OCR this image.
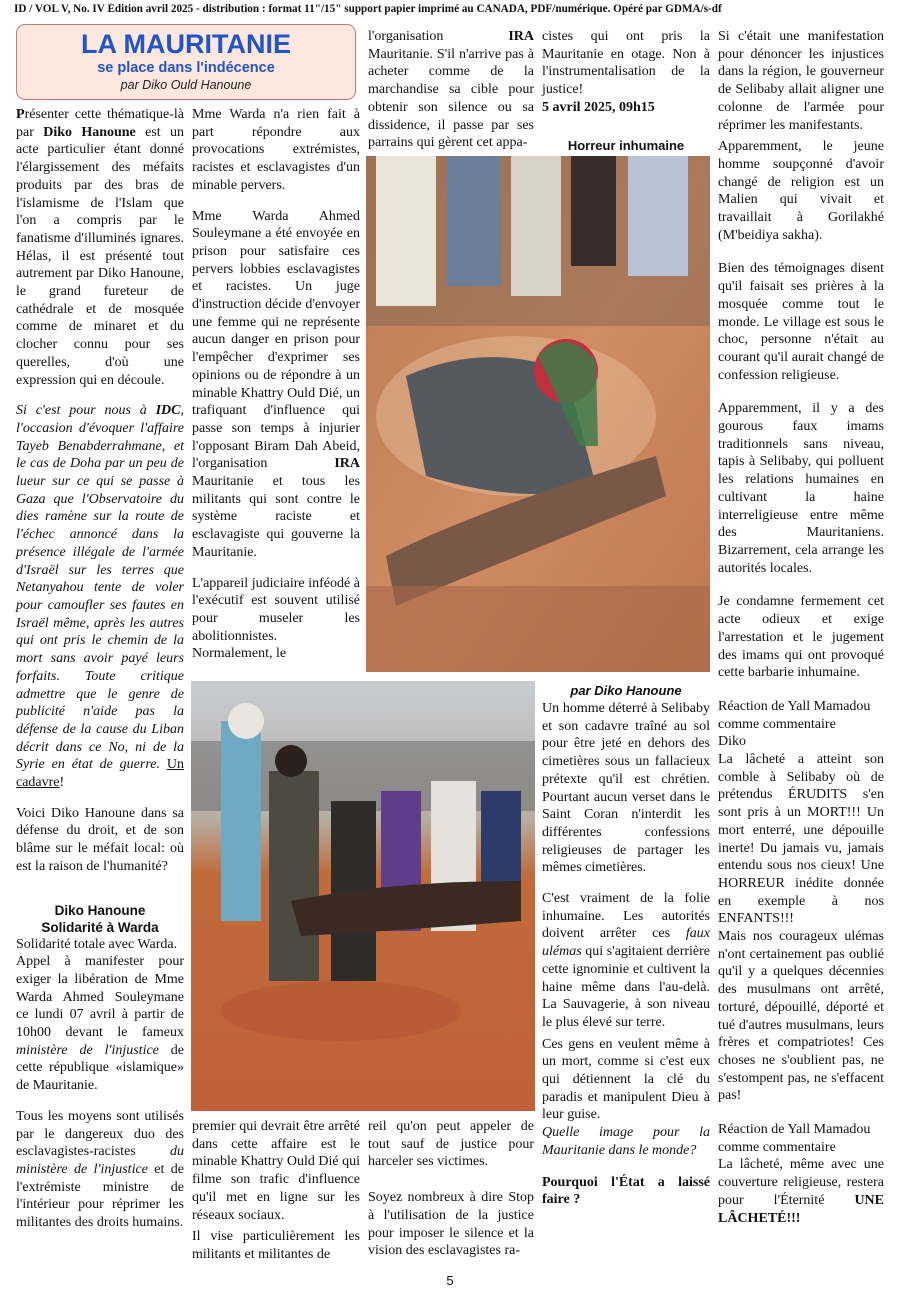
ID / VOL V, No. IV Édition avril 2025 - distribution : format 11"/15" support papier imprimé au CANADA, PDF/numérique. Opéré par GDMA/s-df
LA MAURITANIE
se place dans l'indécence
par Diko Ould Hanoune

Présenter cette thématique-là par Diko Hanoune est un acte particulier étant donné l'élargissement des méfaits produits par des bras de l'islamisme de l'Islam que l'on a compris par le fanatisme d'illuminés ignares. Hélas, il est présenté tout autrement par Diko Hanoune, le grand fureteur de cathédrale et de mosquée comme de minaret et du clocher connu pour ses querelles, d'où une expression qui en découle.

Si c'est pour nous à IDC, l'occasion d'évoquer l'affaire Tayeb Benabderrahmane, et le cas de Doha par un peu de lueur sur ce qui se passe à Gaza que l'Observatoire du dies ramène sur la route de l'échec annoncé dans la présence illégale de l'armée d'Israël sur les terres que Netanyahou tente de voler pour camoufler ses fautes en Israël même, après les autres qui ont pris le chemin de la mort sans avoir payé leurs forfaits. Toute critique admettre que le genre de publicité n'aide pas la défense de la cause du Liban décrit dans ce No, ni de la Syrie en état de guerre. Un cadavre!

Voici Diko Hanoune dans sa défense du droit, et de son blâme sur le méfait local: où est la raison de l'humanité?

Diko Hanoune
Solidarité à Warda
Solidarité totale avec Warda.

Appel à manifester pour exiger la libération de Mme Warda Ahmed Souleymane ce lundi 07 avril à partir de 10h00 devant le fameux ministère de l'injustice de cette république «islamique» de Mauritanie.

Tous les moyens sont utilisés par le dangereux duo des esclavagistes-racistes du ministère de l'injustice et de l'extrémiste ministre de l'intérieur pour réprimer les militantes des droits humains.

Mme Warda n'a rien fait à part répondre aux provocations extrémistes, racistes et esclavagistes d'un minable pervers.

Mme Warda Ahmed Souleymane a été envoyée en prison pour satisfaire ces pervers lobbies esclavagistes et racistes. Un juge d'instruction décide d'envoyer une femme qui ne représente aucun danger en prison pour l'empêcher d'exprimer ses opinions ou de répondre à un minable Khattry Ould Dié, un trafiquant d'influence qui passe son temps à injurier l'opposant Biram Dah Abeid, l'organisation IRA Mauritanie et tous les militants qui sont contre le système raciste et esclavagiste qui gouverne la Mauritanie.

L'appareil judiciaire inféodé à l'exécutif est souvent utilisé pour museler les abolitionnistes. Normalement, le

premier qui devrait être arrêté dans cette affaire est le minable Khattry Ould Dié qui filme son trafic d'influence qu'il met en ligne sur les réseaux sociaux.

Il vise particulièrement les militants et militantes de

l'organisation IRA Mauritanie. S'il n'arrive pas à acheter comme de la marchandise sa cible pour obtenir son silence ou sa dissidence, il passe par ses parrains qui gèrent cet appa-

reil qu'on peut appeler de tout sauf de justice pour harceler ses victimes.

Soyez nombreux à dire Stop à l'utilisation de la justice pour imposer le silence et la vision des esclavagistes ra-

cistes qui ont pris la Mauritanie en otage. Non à l'instrumentalisation de la justice!

5 avril 2025, 09h15
Horreur inhumaine
par Diko Hanoune

Un homme déterré à Selibaby et son cadavre traîné au sol pour être jeté en dehors des cimetières sous un fallacieux prétexte qu'il est chrétien. Pourtant aucun verset dans le Saint Coran n'interdit les différentes confessions religieuses de partager les mêmes cimetières.

C'est vraiment de la folie inhumaine. Les autorités doivent arrêter ces faux ulémas qui s'agitaient derrière cette ignominie et cultivent la haine même dans l'au-delà. La Sauvagerie, à son niveau le plus élevé sur terre.

Ces gens en veulent même à un mort, comme si c'est eux qui détiennent la clé du paradis et manipulent Dieu à leur guise.

Quelle image pour la Mauritanie dans le monde?

Pourquoi l'État a laissé faire ?

Si c'était une manifestation pour dénoncer les injustices dans la région, le gouverneur de Selibaby allait aligner une colonne de l'armée pour réprimer les manifestants.

Apparemment, le jeune homme soupçonné d'avoir changé de religion est un Malien qui vivait et travaillait à Gorilakhé (M'beidiya sakha).

Bien des témoignages disent qu'il faisait ses prières à la mosquée comme tout le monde. Le village est sous le choc, personne n'était au courant qu'il aurait changé de confession religieuse.

Apparemment, il y a des gourous faux imams traditionnels sans niveau, tapis à Selibaby, qui polluent les relations humaines en cultivant la haine interreligieuse entre même des Mauritaniens. Bizarrement, cela arrange les autorités locales.

Je condamne fermement cet acte odieux et exige l'arrestation et le jugement des imams qui ont provoqué cette barbarie inhumaine.

Réaction de Yall Mamadou
comme commentaire
Diko

La lâcheté a atteint son comble à Selibaby où de prétendus ÉRUDITS s'en sont pris à un MORT!!! Un mort enterré, une dépouille inerte! Du jamais vu, jamais entendu sous nos cieux! Une HORREUR inédite donnée en exemple à nos ENFANTS!!!

Mais nos courageux ulémas n'ont certainement pas oublié qu'il y a quelques décennies des musulmans ont arrêté, torturé, dépouillé, déporté et tué d'autres musulmans, leurs frères et compatriotes! Ces choses ne s'oublient pas, ne s'estompent pas, ne s'effacent pas!

Réaction de Yall Mamadou
comme commentaire

La lâcheté, même avec une couverture religieuse, restera pour l'Éternité UNE LÂCHETÉ!!!

5
